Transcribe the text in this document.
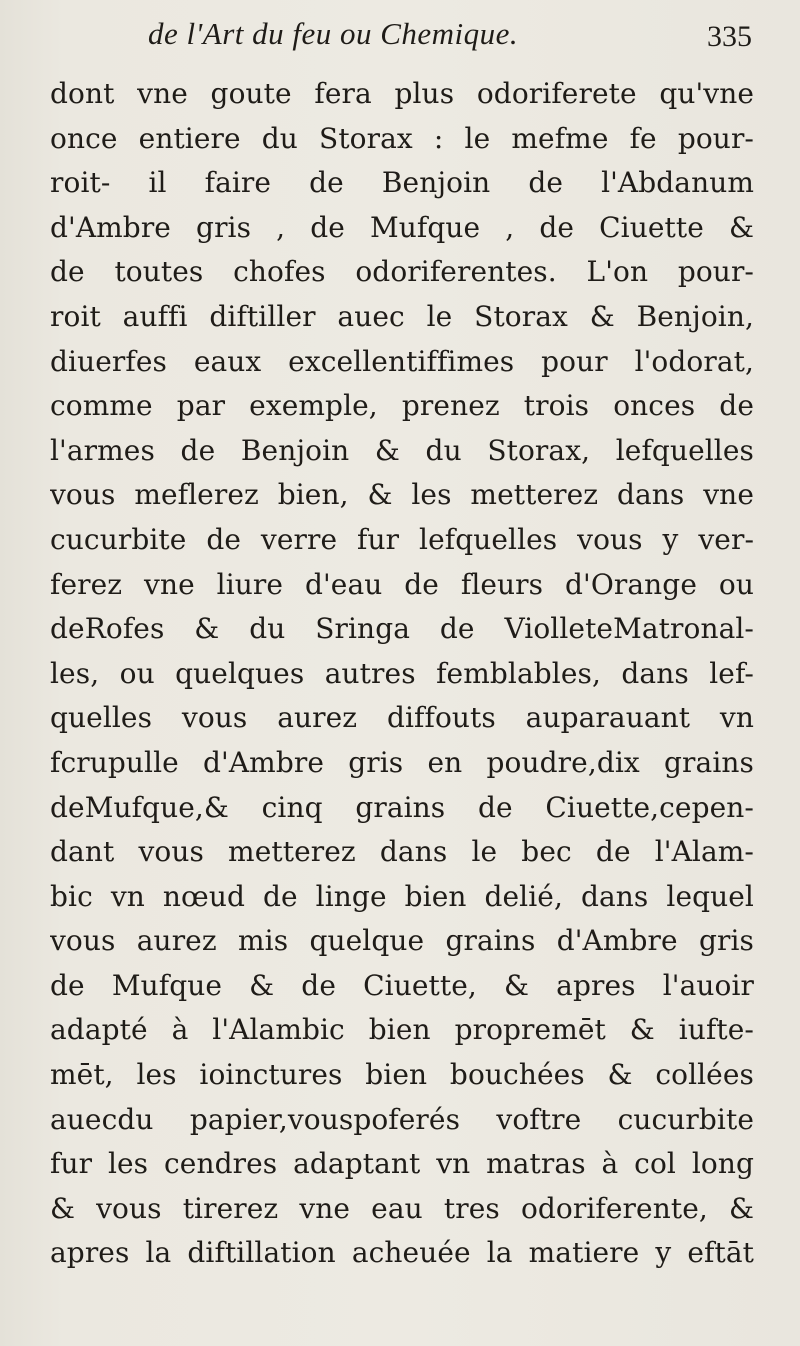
de l'Art du feu ou Chemique.	335
dont vne goute fera plus odoriferete qu'vne
once entiere du Storax : le mefme fe pour-
roit- il faire de Benjoin de l'Abdanum
d'Ambre gris , de Mufque , de Ciuette &
de toutes chofes odoriferentes. L'on pour-
roit auffi diftiller auec le Storax & Benjoin,
diuerfes eaux excellentiffimes pour l'odorat,
comme par exemple, prenez trois onces de
l'armes de Benjoin & du Storax, lefquelles
vous meflerez bien, & les metterez dans vne
cucurbite de verre fur lefquelles vous y ver-
ferez vne liure d'eau de fleurs d'Orange ou
deRofes & du Sringa de ViolleteMatronal-
les, ou quelques autres femblables, dans lef-
quelles vous aurez diffouts auparauant vn
fcrupulle d'Ambre gris en poudre,dix grains
deMufque,& cinq grains de Ciuette,cepen-
dant vous metterez dans le bec de l'Alam-
bic vn nœud de linge bien delié, dans lequel
vous aurez mis quelque grains d'Ambre gris
de Mufque & de Ciuette, & apres l'auoir
adapté à l'Alambic bien propremēt & iufte-
mēt, les ioinctures bien bouchées & collées
auecdu papier,vouspoferés voftre cucurbite
fur les cendres adaptant vn matras à col long
& vous tirerez vne eau tres odoriferente, &
apres la diftillation acheuée la matiere y eftāt
